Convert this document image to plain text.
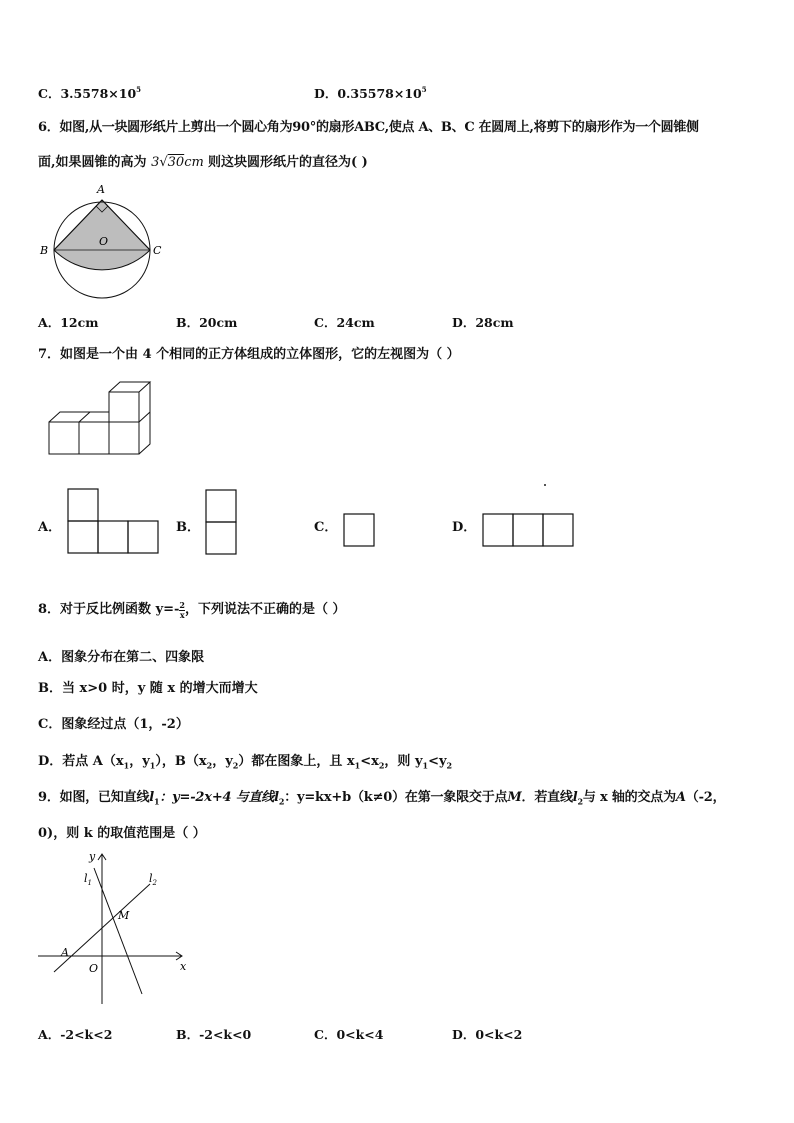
C．$3.5578\times 10^5$	D．$0.35578\times 10^5$
6．如图,从一块圆形纸片上剪出一个圆心角为90°的扇形ABC,使点 A、B、C 在圆周上,将剪下的扇形作为一个圆锥侧
面,如果圆锥的高为 3√30cm 则这块圆形纸片的直径为( )
A
B	C
O
A．12cm	B．20cm	C．24cm	D．28cm
7．如图是一个由 4 个相同的正方体组成的立体图形，它的左视图为（ ）
A．	B．	C．	D．
8．对于反比例函数 $y=- \frac{2}{x}$ ，下列说法不正确的是（ ）
A．图象分布在第二、四象限
B．当 x>0 时，y 随 x 的增大而增大
C．图象经过点（1，-2）
D．若点 $A(x_1$，$y_1$），$B(x_2$，$y_2$）都在图象上，且 $x_1<x_2$，则 $y_1<y_2$
9．如图，已知直线$l_1$：y=-2x+4 与直线$l_2$：y=kx+b（k≠0）在第一象限交于点M．若直线$l_2$与 x 轴的交点为A（-2，
0)，则 k 的取值范围是（ ）
y
x
O
A
M
$l_1$	$l_2$
A．-2<k<2	B．-2<k<0	C．0<k<4	D．0<k<2
